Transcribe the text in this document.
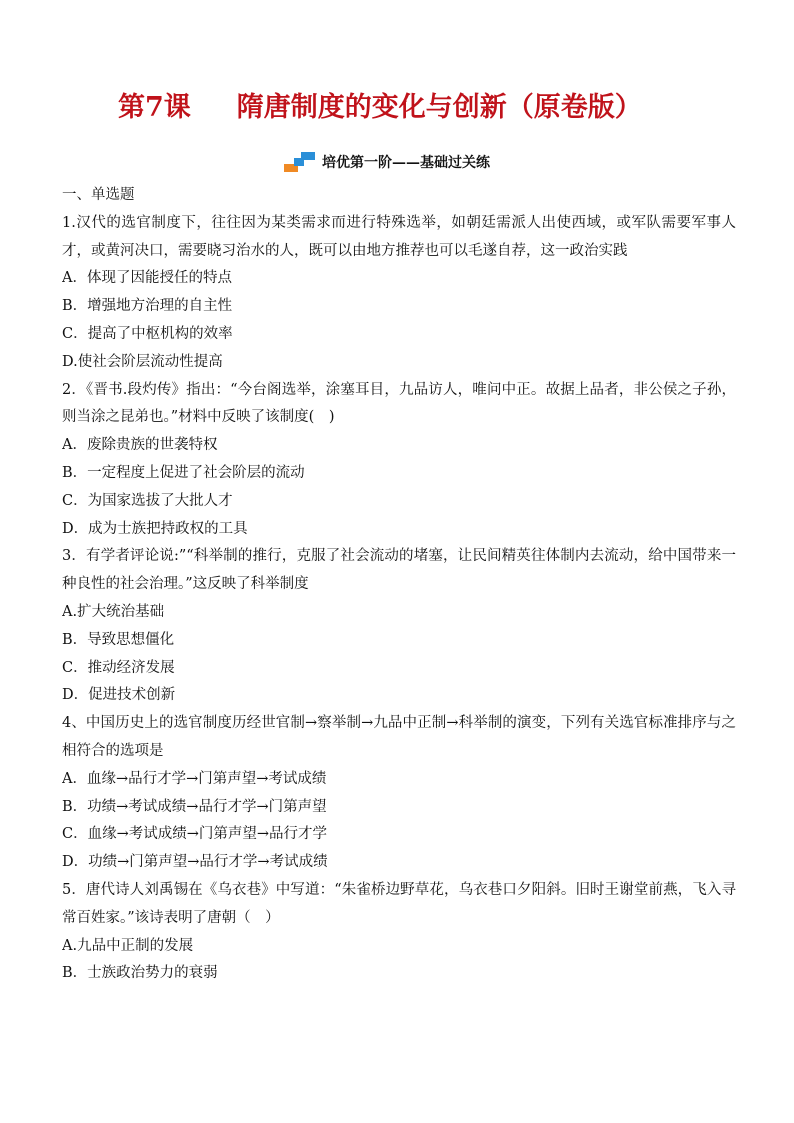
第7课 隋唐制度的变化与创新（原卷版）
培优第一阶——基础过关练
一、单选题
1.汉代的选官制度下，往往因为某类需求而进行特殊选举，如朝廷需派人出使西域，或军队需要军事人才，或黄河决口，需要晓习治水的人，既可以由地方推荐也可以毛遂自荐，这一政治实践
A．体现了因能授任的特点
B．增强地方治理的自主性
C．提高了中枢机构的效率
D.使社会阶层流动性提高
2．《晋书.段灼传》指出：“今台阁选举，涂塞耳目，九品访人，唯问中正。故据上品者，非公侯之子孙，则当涂之昆弟也。”材料中反映了该制度(　)
A．废除贵族的世袭特权
B．一定程度上促进了社会阶层的流动
C．为国家选拔了大批人才
D．成为士族把持政权的工具
3．有学者评论说:”“科举制的推行，克服了社会流动的堵塞，让民间精英往体制内去流动，给中国带来一种良性的社会治理。”这反映了科举制度
A.扩大统治基础
B．导致思想僵化
C．推动经济发展
D．促进技术创新
4、中国历史上的选官制度历经世官制→察举制→九品中正制→科举制的演变，下列有关选官标准排序与之相符合的选项是
A．血缘→品行才学→门第声望→考试成绩
B．功绩→考试成绩→品行才学→门第声望
C．血缘→考试成绩→门第声望→品行才学
D．功绩→门第声望→品行才学→考试成绩
5．唐代诗人刘禹锡在《乌衣巷》中写道：“朱雀桥边野草花，乌衣巷口夕阳斜。旧时王谢堂前燕，飞入寻常百姓家。”该诗表明了唐朝（　）
A.九品中正制的发展
B．士族政治势力的衰弱
